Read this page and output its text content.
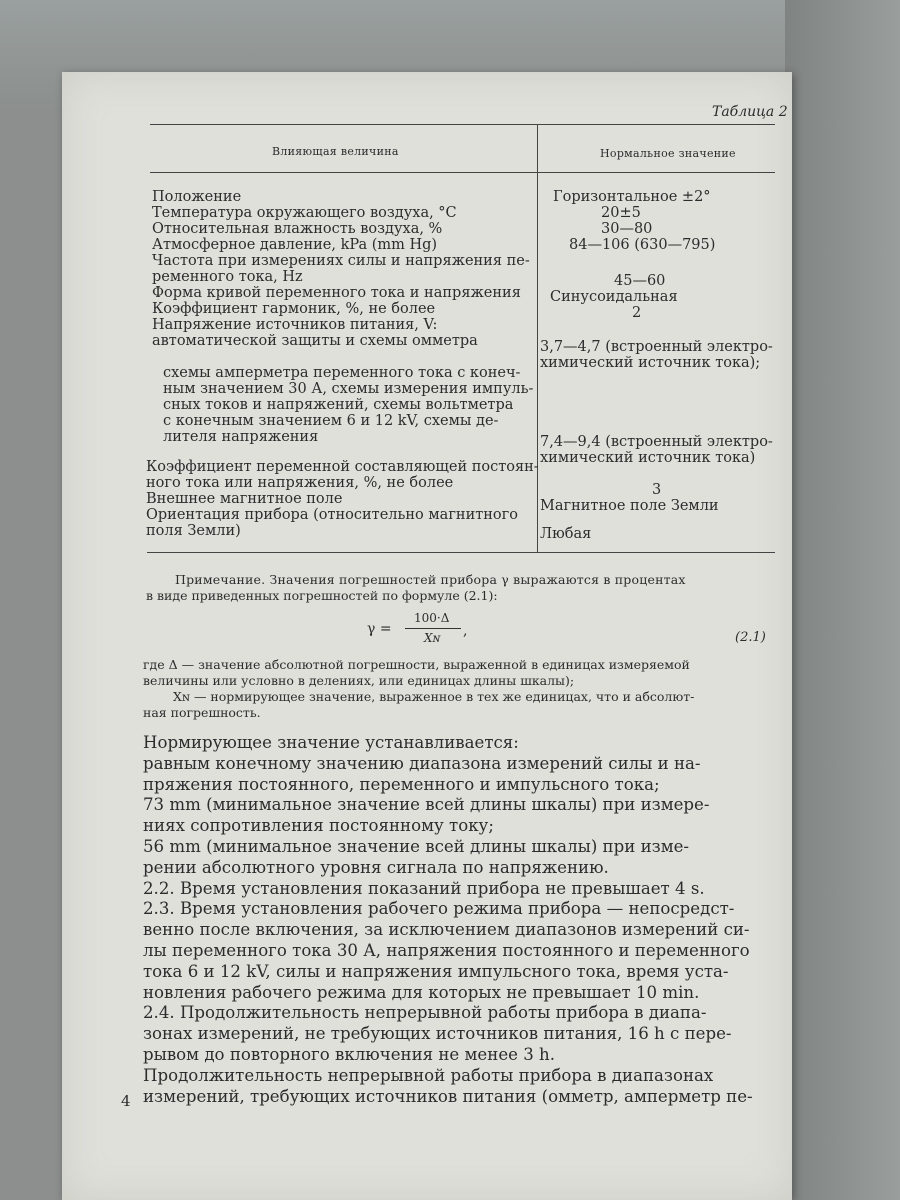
Таблица 2
Влияющая величина	Нормальное значение
Положение
Температура окружающего воздуха, °C
Относительная влажность воздуха, %
Атмосферное давление, kPa (mm Hg)
Частота при измерениях силы и напряжения пе-
ременного тока, Hz
Форма кривой переменного тока и напряжения
Коэффициент гармоник, %, не более
Напряжение источников питания, V:
автоматической защиты и схемы омметра
схемы амперметра переменного тока с конеч-
ным значением 30 А, схемы измерения импуль-
сных токов и напряжений, схемы вольтметра
с конечным значением 6 и 12 kV, схемы де-
лителя напряжения
Коэффициент переменной составляющей постоян-
ного тока или напряжения, %, не более
Внешнее магнитное поле
Ориентация прибора (относительно магнитного
поля Земли)
Горизонтальное ±2°
20±5
30—80
84—106 (630—795)
45—60
Синусоидальная
2
3,7—4,7 (встроенный электро-
химический источник тока);
7,4—9,4 (встроенный электро-
химический источник тока)
3
Магнитное поле Земли
Любая
Примечание. Значения погрешностей прибора γ выражаются в процентах
в виде приведенных погрешностей по формуле (2.1):
γ =
100·Δ
Xɴ ,	(2.1)
где Δ — значение абсолютной погрешности, выраженной в единицах измеряемой
величины или условно в делениях, или единицах длины шкалы);
Xɴ — нормирующее значение, выраженное в тех же единицах, что и абсолют-
ная погрешность.
Нормирующее значение устанавливается:
равным конечному значению диапазона измерений силы и на-
пряжения постоянного, переменного и импульсного тока;
73 mm (минимальное значение всей длины шкалы) при измере-
ниях сопротивления постоянному току;
56 mm (минимальное значение всей длины шкалы) при изме-
рении абсолютного уровня сигнала по напряжению.
2.2. Время установления показаний прибора не превышает 4 s.
2.3. Время установления рабочего режима прибора — непосредст-
венно после включения, за исключением диапазонов измерений си-
лы переменного тока 30 А, напряжения постоянного и переменного
тока 6 и 12 kV, силы и напряжения импульсного тока, время уста-
новления рабочего режима для которых не превышает 10 min.
2.4. Продолжительность непрерывной работы прибора в диапа-
зонах измерений, не требующих источников питания, 16 h с пере-
рывом до повторного включения не менее 3 h.
Продолжительность непрерывной работы прибора в диапазонах
измерений, требующих источников питания (омметр, амперметр пе-
4
